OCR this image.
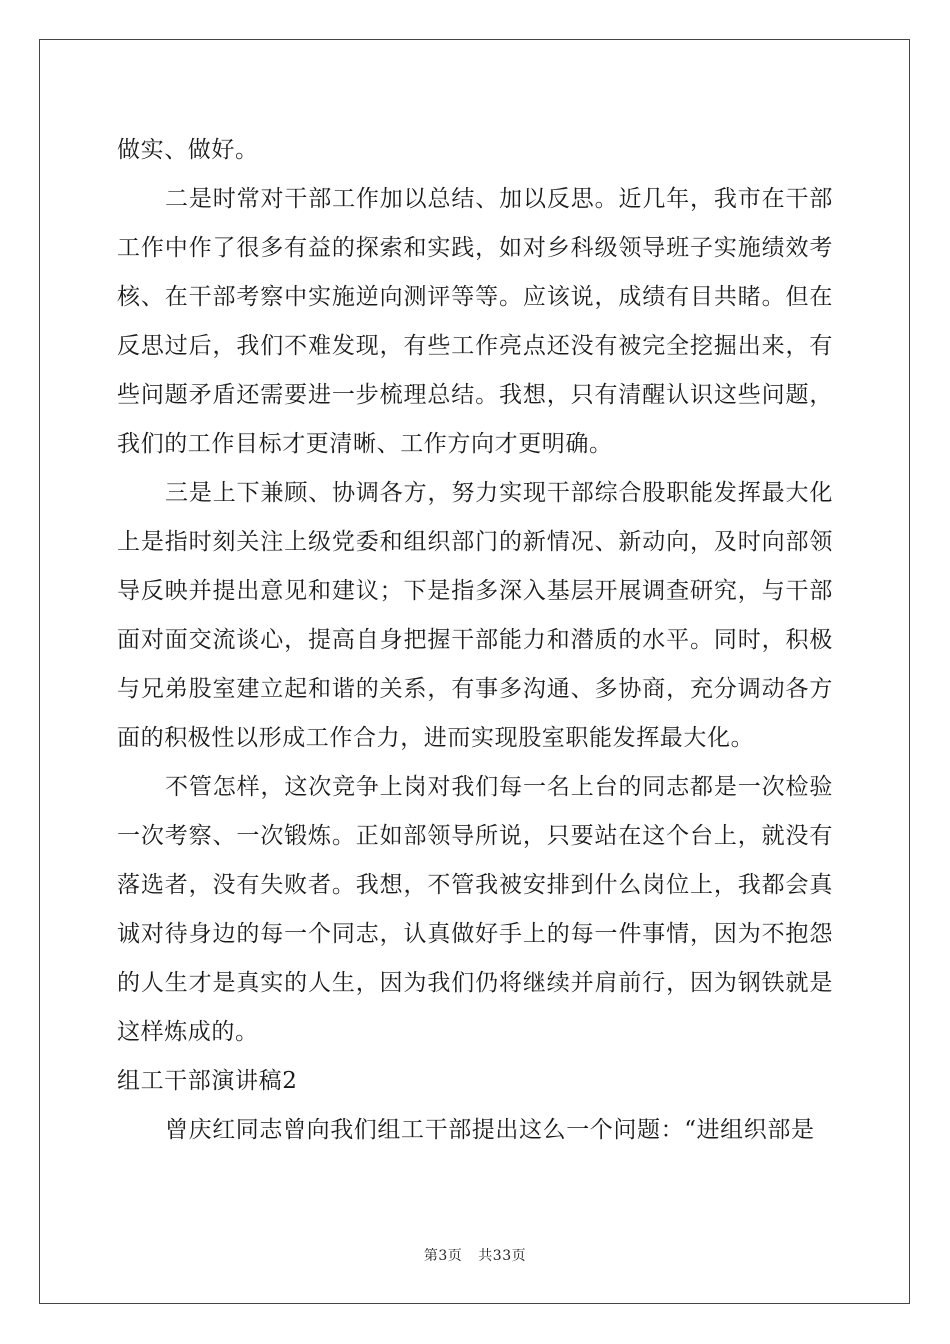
做实、做好。

二是时常对干部工作加以总结、加以反思。近几年，我市在干部工作中作了很多有益的探索和实践，如对乡科级领导班子实施绩效考核、在干部考察中实施逆向测评等等。应该说，成绩有目共睹。但在反思过后，我们不难发现，有些工作亮点还没有被完全挖掘出来，有些问题矛盾还需要进一步梳理总结。我想，只有清醒认识这些问题，我们的工作目标才更清晰、工作方向才更明确。

三是上下兼顾、协调各方，努力实现干部综合股职能发挥最大化上是指时刻关注上级党委和组织部门的新情况、新动向，及时向部领导反映并提出意见和建议；下是指多深入基层开展调查研究，与干部面对面交流谈心，提高自身把握干部能力和潜质的水平。同时，积极与兄弟股室建立起和谐的关系，有事多沟通、多协商，充分调动各方面的积极性以形成工作合力，进而实现股室职能发挥最大化。

不管怎样，这次竞争上岗对我们每一名上台的同志都是一次检验一次考察、一次锻炼。正如部领导所说，只要站在这个台上，就没有落选者，没有失败者。我想，不管我被安排到什么岗位上，我都会真诚对待身边的每一个同志，认真做好手上的每一件事情，因为不抱怨的人生才是真实的人生，因为我们仍将继续并肩前行，因为钢铁就是这样炼成的。

组工干部演讲稿2

曾庆红同志曾向我们组工干部提出这么一个问题：“进组织部是

第3页 共33页
